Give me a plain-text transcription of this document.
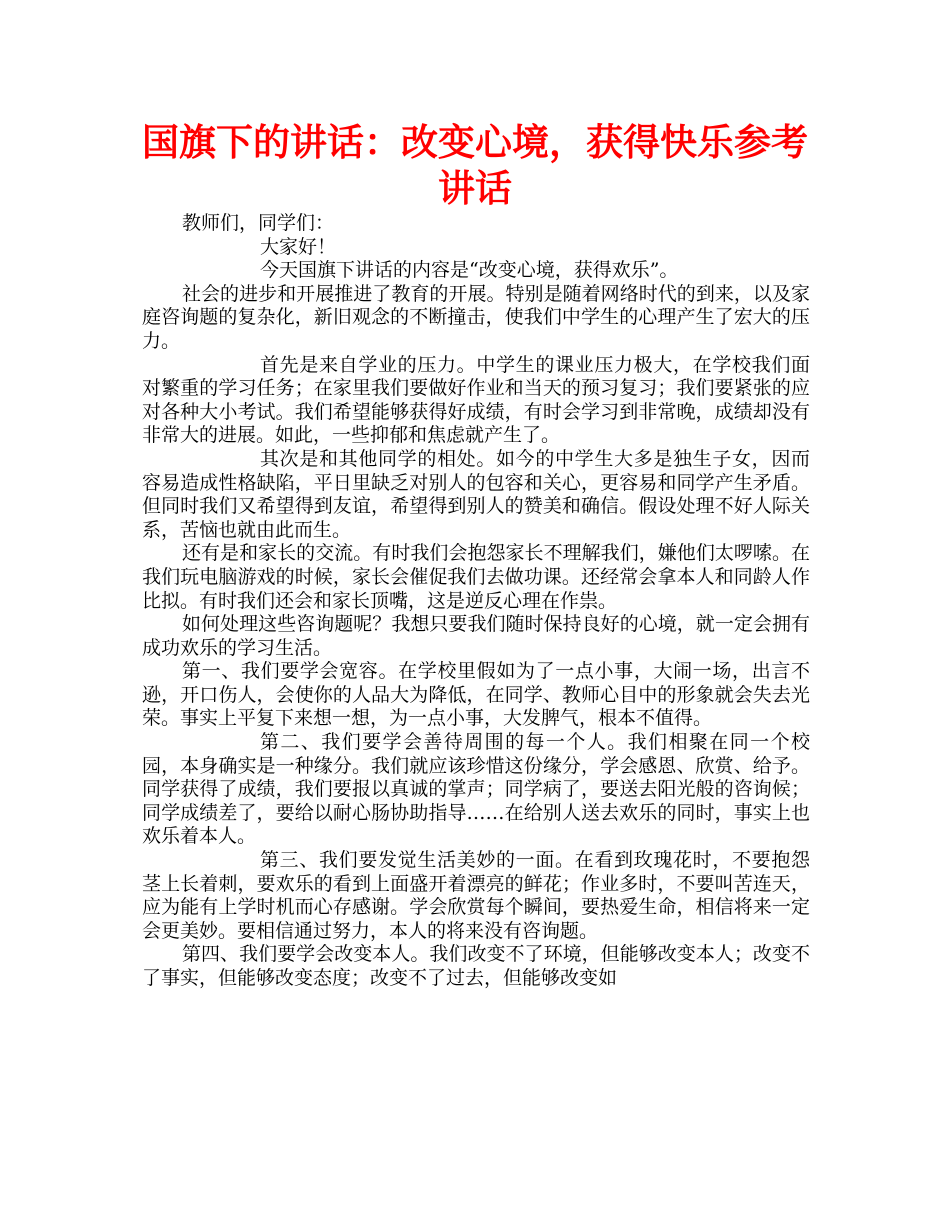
国旗下的讲话：改变心境，获得快乐参考讲话

教师们，同学们：

大家好！

今天国旗下讲话的内容是“改变心境，获得欢乐”。

社会的进步和开展推进了教育的开展。特别是随着网络时代的到来，以及家庭咨询题的复杂化，新旧观念的不断撞击，使我们中学生的心理产生了宏大的压力。

首先是来自学业的压力。中学生的课业压力极大，在学校我们面对繁重的学习任务；在家里我们要做好作业和当天的预习复习；我们要紧张的应对各种大小考试。我们希望能够获得好成绩，有时会学习到非常晚，成绩却没有非常大的进展。如此，一些抑郁和焦虑就产生了。

其次是和其他同学的相处。如今的中学生大多是独生子女，因而容易造成性格缺陷，平日里缺乏对别人的包容和关心，更容易和同学产生矛盾。但同时我们又希望得到友谊，希望得到别人的赞美和确信。假设处理不好人际关系，苦恼也就由此而生。

还有是和家长的交流。有时我们会抱怨家长不理解我们，嫌他们太啰嗦。在我们玩电脑游戏的时候，家长会催促我们去做功课。还经常会拿本人和同龄人作比拟。有时我们还会和家长顶嘴，这是逆反心理在作祟。

如何处理这些咨询题呢？我想只要我们随时保持良好的心境，就一定会拥有成功欢乐的学习生活。

第一、我们要学会宽容。在学校里假如为了一点小事，大闹一场，出言不逊，开口伤人，会使你的人品大为降低，在同学、教师心目中的形象就会失去光荣。事实上平复下来想一想，为一点小事，大发脾气，根本不值得。

第二、我们要学会善待周围的每一个人。我们相聚在同一个校园，本身确实是一种缘分。我们就应该珍惜这份缘分，学会感恩、欣赏、给予。同学获得了成绩，我们要报以真诚的掌声；同学病了，要送去阳光般的咨询候；同学成绩差了，要给以耐心肠协助指导……在给别人送去欢乐的同时，事实上也欢乐着本人。

第三、我们要发觉生活美妙的一面。在看到玫瑰花时，不要抱怨茎上长着刺，要欢乐的看到上面盛开着漂亮的鲜花；作业多时，不要叫苦连天，应为能有上学时机而心存感谢。学会欣赏每个瞬间，要热爱生命，相信将来一定会更美妙。要相信通过努力，本人的将来没有咨询题。

第四、我们要学会改变本人。我们改变不了环境，但能够改变本人；改变不了事实，但能够改变态度；改变不了过去，但能够改变如
